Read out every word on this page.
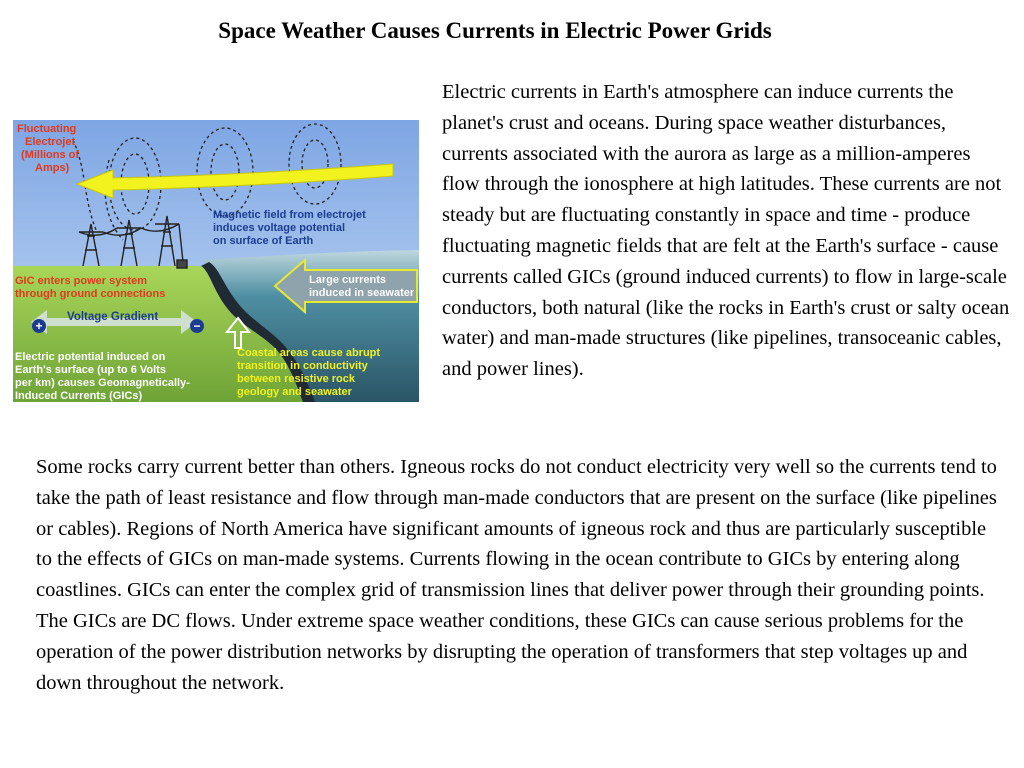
Space Weather Causes Currents in Electric Power Grids
Fluctuating
Electrojet
(Millions of
Amps)
Magnetic field from electrojet
induces voltage potential
on surface of Earth
GIC enters power system
through ground connections
Large currents
induced in seawater
Voltage Gradient
+	−
Electric potential induced on
Earth's surface (up to 6 Volts
per km) causes Geomagnetically-
Induced Currents (GICs)
Coastal areas cause abrupt
transition in conductivity
between resistive rock
geology and seawater

Electric currents in Earth's atmosphere can induce currents the planet's crust and oceans. During space weather disturbances, currents associated with the aurora as large as a million-amperes flow through the ionosphere at high latitudes. These currents are not steady but are fluctuating constantly in space and time - produce fluctuating magnetic fields that are felt at the Earth's surface - cause currents called GICs (ground induced currents) to flow in large-scale conductors, both natural (like the rocks in Earth's crust or salty ocean water) and man-made structures (like pipelines, transoceanic cables, and power lines).

Some rocks carry current better than others. Igneous rocks do not conduct electricity very well so the currents tend to take the path of least resistance and flow through man-made conductors that are present on the surface (like pipelines or cables). Regions of North America have significant amounts of igneous rock and thus are particularly susceptible to the effects of GICs on man-made systems. Currents flowing in the ocean contribute to GICs by entering along coastlines. GICs can enter the complex grid of transmission lines that deliver power through their grounding points. The GICs are DC flows. Under extreme space weather conditions, these GICs can cause serious problems for the operation of the power distribution networks by disrupting the operation of transformers that step voltages up and down throughout the network.
